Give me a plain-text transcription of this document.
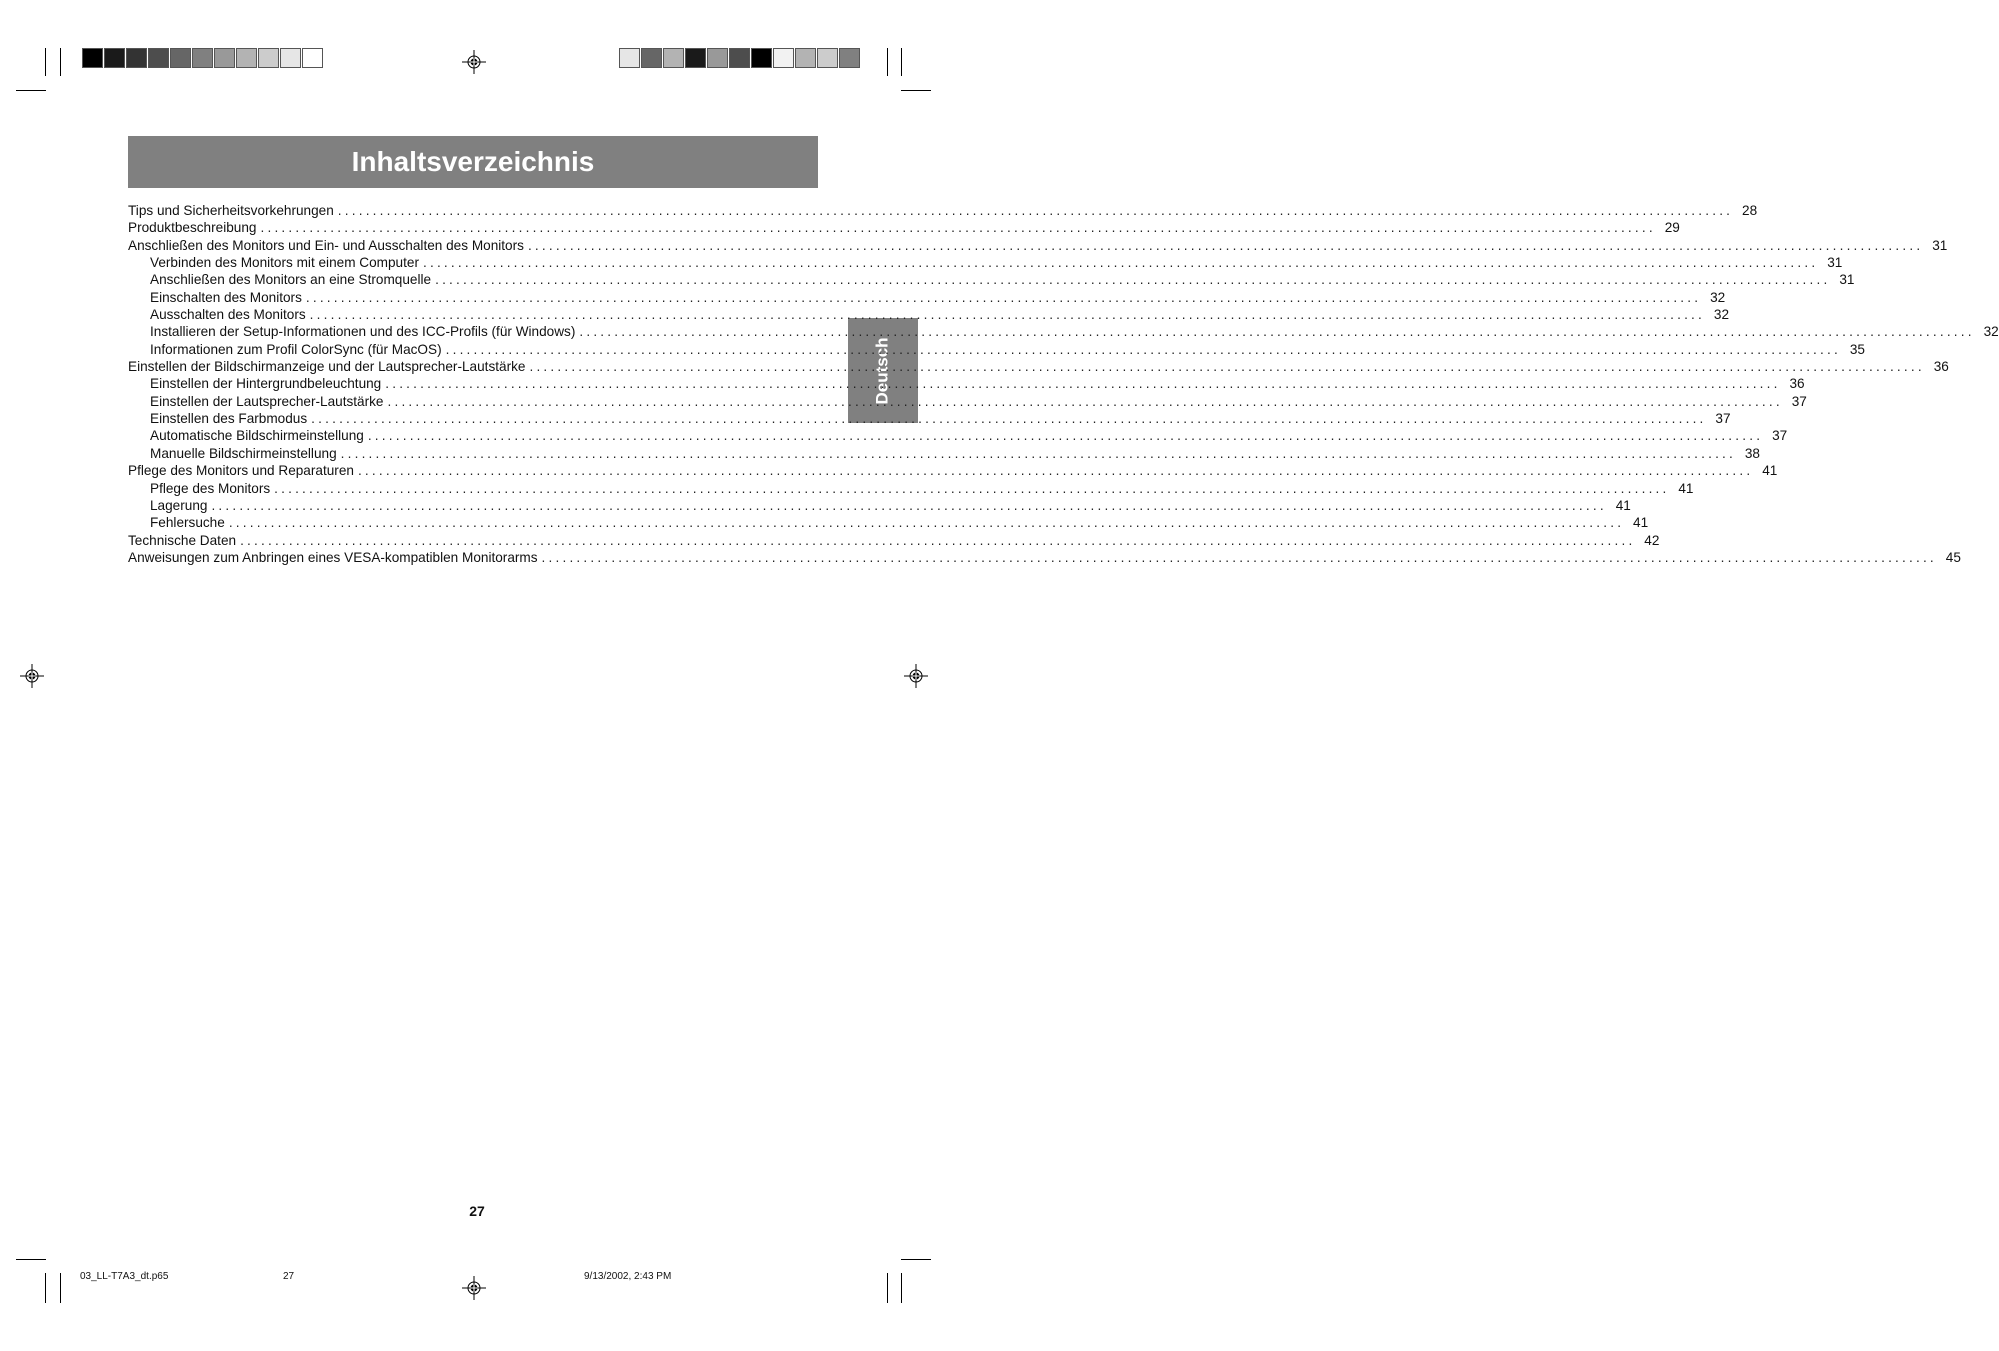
Inhaltsverzeichnis
Deutsch
Tips und Sicherheitsvorkehrungen ........................................................................................................................................................................................................ 28
Produktbeschreibung ........................................................................................................................................................................................................ 29
Anschließen des Monitors und Ein- und Ausschalten des Monitors ........................................................................................................................................................................................................ 31
Verbinden des Monitors mit einem Computer ........................................................................................................................................................................................................ 31
Anschließen des Monitors an eine Stromquelle ........................................................................................................................................................................................................ 31
Einschalten des Monitors ........................................................................................................................................................................................................ 32
Ausschalten des Monitors ........................................................................................................................................................................................................ 32
Installieren der Setup-Informationen und des ICC-Profils (für Windows) ........................................................................................................................................................................................................ 32
Informationen zum Profil ColorSync (für MacOS) ........................................................................................................................................................................................................ 35
Einstellen der Bildschirmanzeige und der Lautsprecher-Lautstärke ........................................................................................................................................................................................................ 36
Einstellen der Hintergrundbeleuchtung ........................................................................................................................................................................................................ 36
Einstellen der Lautsprecher-Lautstärke ........................................................................................................................................................................................................ 37
Einstellen des Farbmodus ........................................................................................................................................................................................................ 37
Automatische Bildschirmeinstellung ........................................................................................................................................................................................................ 37
Manuelle Bildschirmeinstellung ........................................................................................................................................................................................................ 38
Pflege des Monitors und Reparaturen ........................................................................................................................................................................................................ 41
Pflege des Monitors ........................................................................................................................................................................................................ 41
Lagerung ........................................................................................................................................................................................................ 41
Fehlersuche ........................................................................................................................................................................................................ 41
Technische Daten ........................................................................................................................................................................................................ 42
Anweisungen zum Anbringen eines VESA-kompatiblen Monitorarms ........................................................................................................................................................................................................ 45
27
03_LL-T7A3_dt.p65	27	9/13/2002, 2:43 PM
